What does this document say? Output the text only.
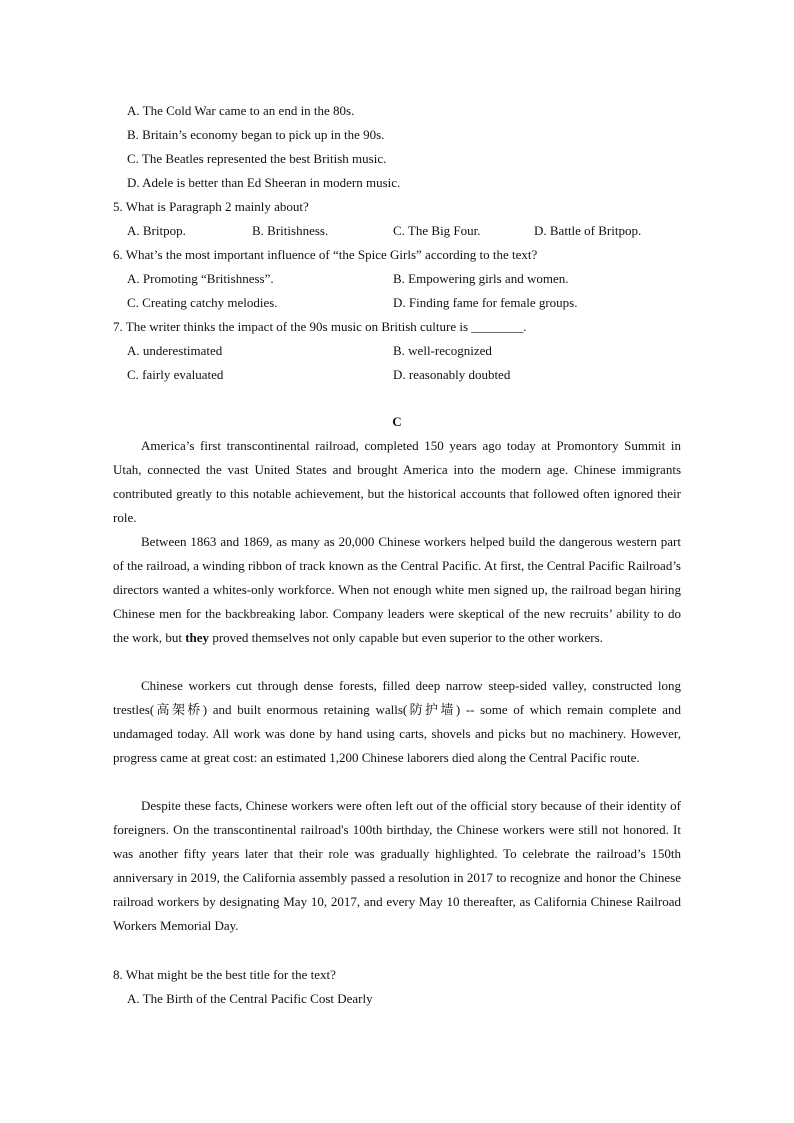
A. The Cold War came to an end in the 80s.
B. Britain’s economy began to pick up in the 90s.
C. The Beatles represented the best British music.
D. Adele is better than Ed Sheeran in modern music.
5. What is Paragraph 2 mainly about?
A. Britpop.	B. Britishness.	C. The Big Four.	D. Battle of Britpop.
6. What’s the most important influence of “the Spice Girls” according to the text?
A. Promoting “Britishness”.	B. Empowering girls and women.
C. Creating catchy melodies.	D. Finding fame for female groups.
7. The writer thinks the impact of the 90s music on British culture is ________.
A. underestimated	B. well-recognized
C. fairly evaluated	D. reasonably doubted
C
America’s first transcontinental railroad, completed 150 years ago today at Promontory Summit in Utah, connected the vast United States and brought America into the modern age. Chinese immigrants contributed greatly to this notable achievement, but the historical accounts that followed often ignored their role.
Between 1863 and 1869, as many as 20,000 Chinese workers helped build the dangerous western part of the railroad, a winding ribbon of track known as the Central Pacific. At first, the Central Pacific Railroad’s directors wanted a whites-only workforce. When not enough white men signed up, the railroad began hiring Chinese men for the backbreaking labor. Company leaders were skeptical of the new recruits’ ability to do the work, but they proved themselves not only capable but even superior to the other workers.
Chinese workers cut through dense forests, filled deep narrow steep-sided valley, constructed long trestles(高架桥) and built enormous retaining walls(防护墙) -- some of which remain complete and undamaged today. All work was done by hand using carts, shovels and picks but no machinery. However, progress came at great cost: an estimated 1,200 Chinese laborers died along the Central Pacific route.
Despite these facts, Chinese workers were often left out of the official story because of their identity of foreigners. On the transcontinental railroad's 100th birthday, the Chinese workers were still not honored. It was another fifty years later that their role was gradually highlighted. To celebrate the railroad’s 150th anniversary in 2019, the California assembly passed a resolution in 2017 to recognize and honor the Chinese railroad workers by designating May 10, 2017, and every May 10 thereafter, as California Chinese Railroad Workers Memorial Day.
8. What might be the best title for the text?
A. The Birth of the Central Pacific Cost Dearly
